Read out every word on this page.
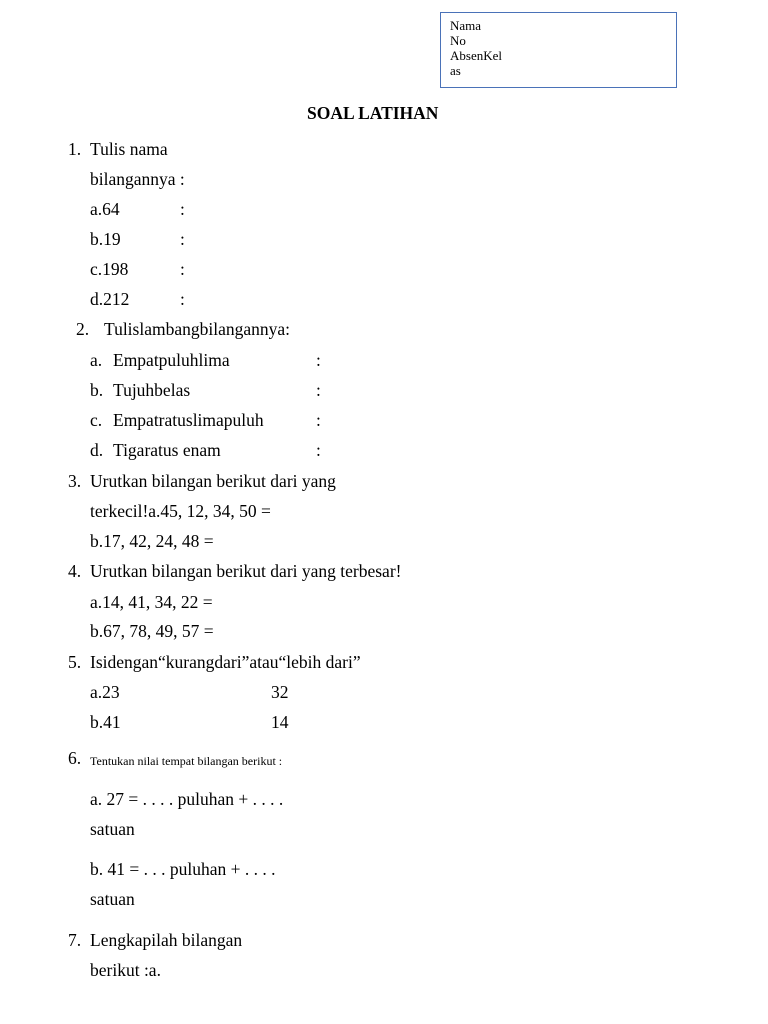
Nama
No
AbsenKel
as
SOAL LATIHAN
1. Tulis nama
bilangannya :
a.64	:
b.19	:
c.198	:
d.212	:
2. Tulislambangbilangannya:
a. Empatpuluhlima	:
b. Tujuhbelas	:
c. Empatratuslimapuluh	:
d. Tigaratus enam	:
3. Urutkan bilangan berikut dari yang
terkecil!a.45, 12, 34, 50 =
b.17, 42, 24, 48 =
4. Urutkan bilangan berikut dari yang terbesar!
a.14, 41, 34, 22 =
b.67, 78, 49, 57 =
5. Isidengan“kurangdari”atau“lebih dari”
a.23	32
b.41	14
6. Tentukan nilai tempat bilangan berikut :
a. 27 = . . . . puluhan + . . . .
satuan
b. 41 = . . . puluhan + . . . .
satuan
7. Lengkapilah bilangan
berikut :a.
